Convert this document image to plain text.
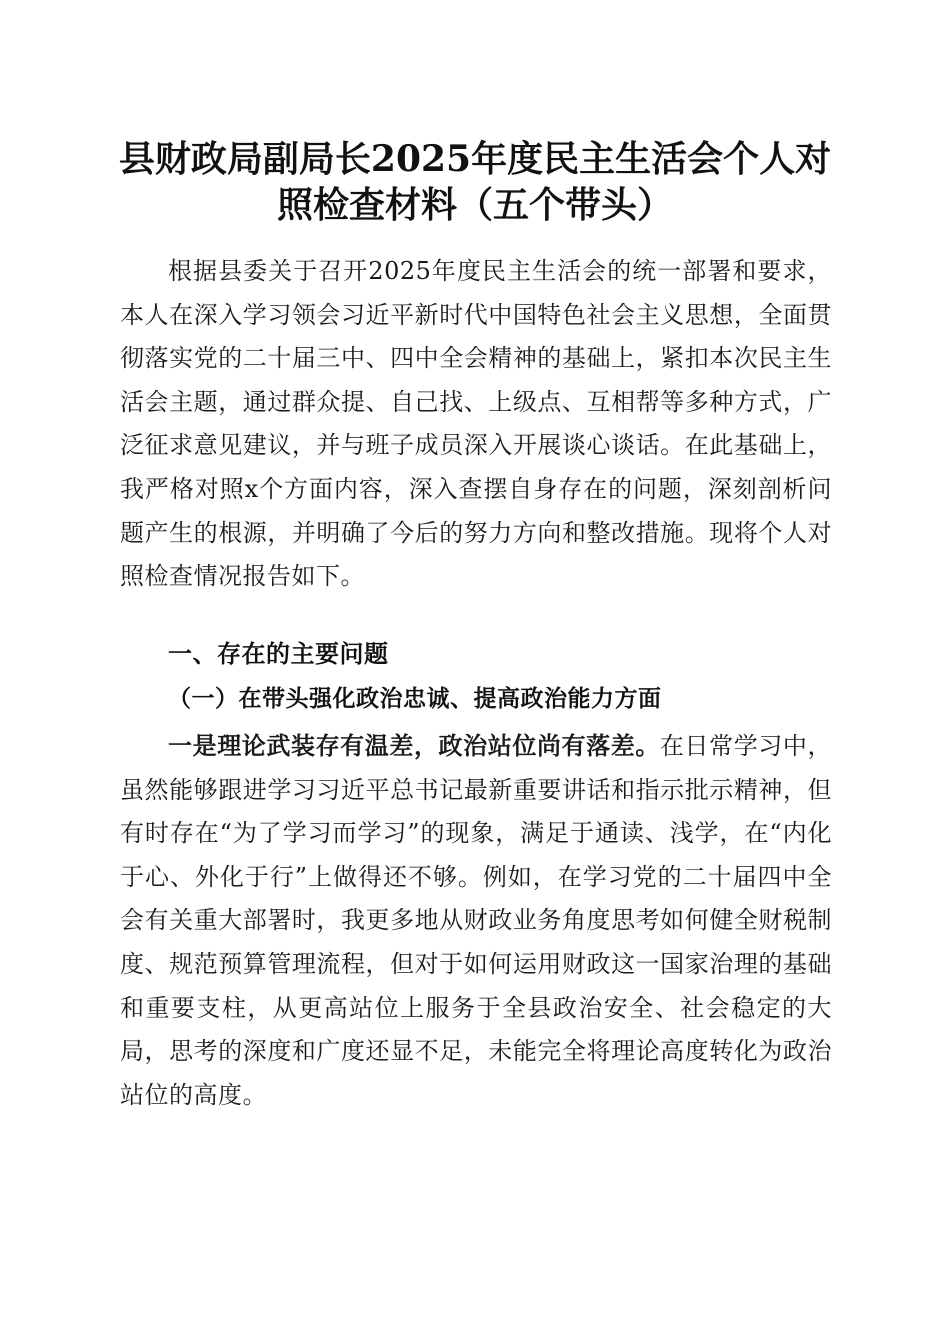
县财政局副局长2025年度民主生活会个人对
照检查材料（五个带头）

根据县委关于召开2025年度民主生活会的统一部署和要求，本人在深入学习领会习近平新时代中国特色社会主义思想，全面贯彻落实党的二十届三中、四中全会精神的基础上，紧扣本次民主生活会主题，通过群众提、自己找、上级点、互相帮等多种方式，广泛征求意见建议，并与班子成员深入开展谈心谈话。在此基础上，我严格对照x个方面内容，深入查摆自身存在的问题，深刻剖析问题产生的根源，并明确了今后的努力方向和整改措施。现将个人对照检查情况报告如下。

一、存在的主要问题
（一）在带头强化政治忠诚、提高政治能力方面

一是理论武装存有温差，政治站位尚有落差。在日常学习中，虽然能够跟进学习习近平总书记最新重要讲话和指示批示精神，但有时存在“为了学习而学习”的现象，满足于通读、浅学，在“内化于心、外化于行”上做得还不够。例如，在学习党的二十届四中全会有关重大部署时，我更多地从财政业务角度思考如何健全财税制度、规范预算管理流程，但对于如何运用财政这一国家治理的基础和重要支柱，从更高站位上服务于全县政治安全、社会稳定的大局，思考的深度和广度还显不足，未能完全将理论高度转化为政治站位的高度。
